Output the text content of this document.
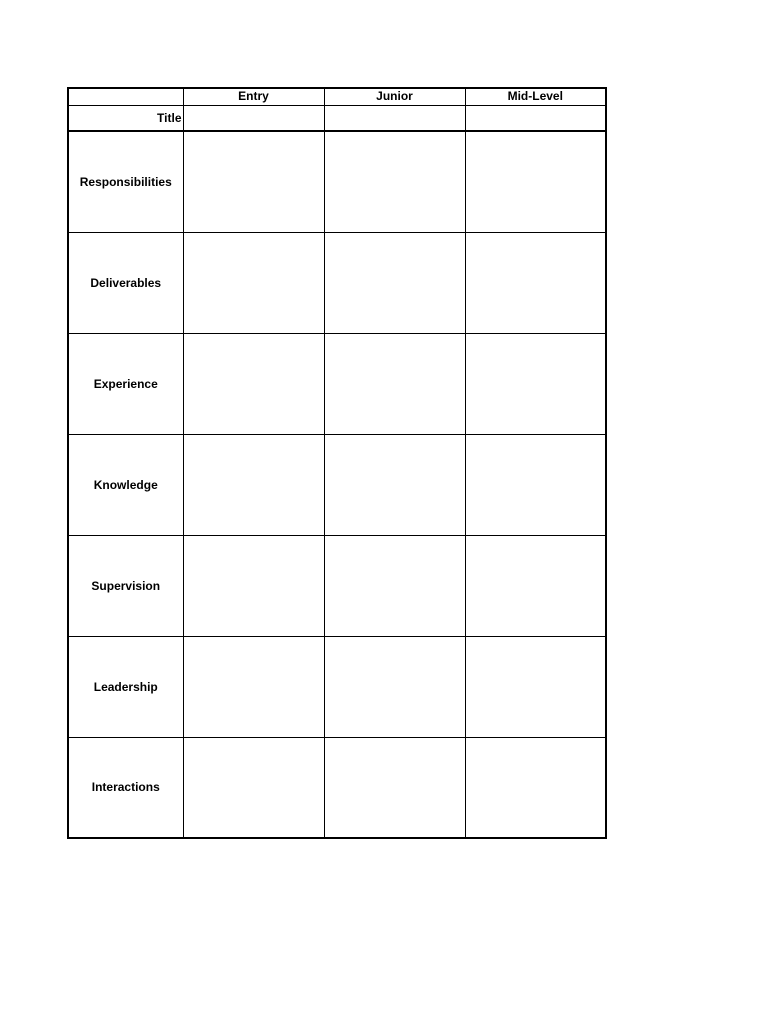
	Entry	Junior	Mid-Level
Title			
Responsibilities			
Deliverables			
Experience			
Knowledge			
Supervision			
Leadership			
Interactions			
